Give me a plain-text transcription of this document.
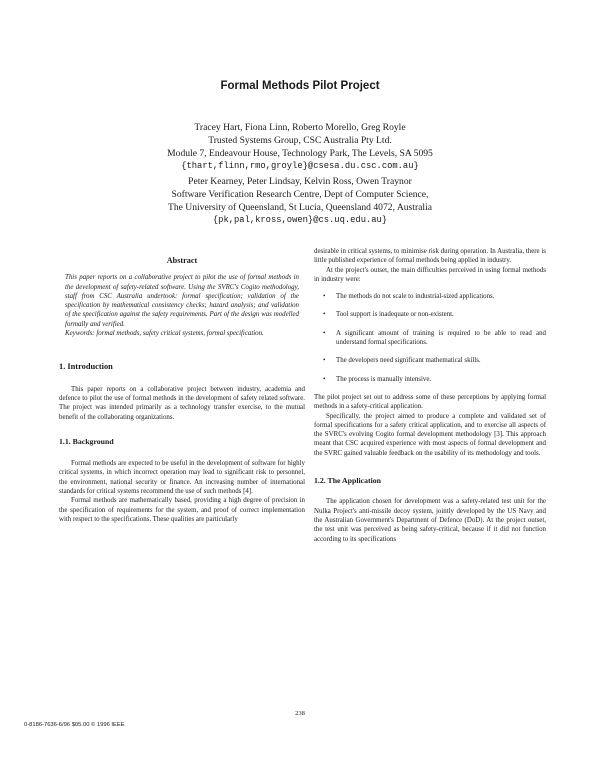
Formal Methods Pilot Project
Tracey Hart, Fiona Linn, Roberto Morello, Greg Royle
Trusted Systems Group, CSC Australia Pty Ltd.
Module 7, Endeavour House, Technology Park, The Levels, SA 5095
{thart,flinn,rmo,groyle}@csesa.du.csc.com.au}
Peter Kearney, Peter Lindsay, Kelvin Ross, Owen Traynor
Software Verification Research Centre, Dept of Computer Science,
The University of Queensland, St Lucia, Queensland 4072, Australia
{pk,pal,kross,owen}@cs.uq.edu.au}
Abstract

This paper reports on a collaborative project to pilot the use of formal methods in the development of safety-related software. Using the SVRC's Cogito methodology, staff from CSC Australia undertook: formal specification; validation of the specification by mathematical consistency checks; hazard analysis; and validation of the specification against the safety requirements. Part of the design was modelled formally and verified.

Keywords: formal methods, safety critical systems, formal specification.

1. Introduction

This paper reports on a collaborative project between industry, academia and defence to pilot the use of formal methods in the development of safety related software. The project was intended primarily as a technology transfer exercise, to the mutual benefit of the collaborating organizations.

1.1. Background

Formal methods are expected to be useful in the development of software for highly critical systems, in which incorrect operation may lead to significant risk to personnel, the environment, national security or finance. An increasing number of international standards for critical systems recommend the use of such methods [4].

Formal methods are mathematically based, providing a high degree of precision in the specification of requirements for the system, and proof of correct implementation with respect to the specifications. These qualities are particularly

desirable in critical systems, to minimise risk during operation. In Australia, there is little published experience of formal methods being applied in industry.

At the project's outset, the main difficulties perceived in using formal methods in industry were:

• The methods do not scale to industrial-sized applications.
• Tool support is inadequate or non-existent.
• A significant amount of training is required to be able to read and understand formal specifications.
• The developers need significant mathematical skills.
• The process is manually intensive.

The pilot project set out to address some of these perceptions by applying formal methods in a safety-critical application.

Specifically, the project aimed to produce a complete and validated set of formal specifications for a safety critical application, and to exercise all aspects of the SVRC's evolving Cogito formal development methodology [3]. This approach meant that CSC acquired experience with most aspects of formal development and the SVRC gained valuable feedback on the usability of its methodology and tools.

1.2. The Application

The application chosen for development was a safety-related test unit for the Nulka Project's anti-missile decoy system, jointly developed by the US Navy and the Australian Government's Department of Defence (DoD). At the project outset, the test unit was perceived as being safety-critical, because if it did not function according to its specifications

238
0-8186-7636-6/96 $05.00 © 1996 IEEE
